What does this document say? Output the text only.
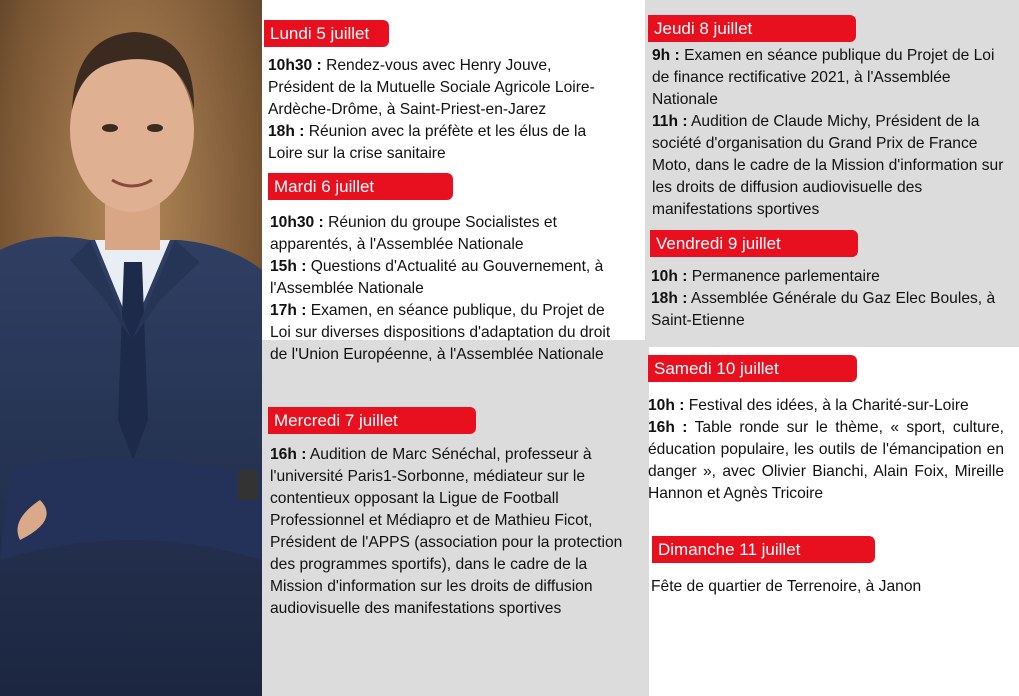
Lundi 5 juillet

10h30 : Rendez-vous avec Henry Jouve, Président de la Mutuelle Sociale Agricole Loire-Ardèche-Drôme, à Saint-Priest-en-Jarez

18h : Réunion avec la préfète et les élus de la Loire sur la crise sanitaire

Mardi 6 juillet

10h30 : Réunion du groupe Socialistes et apparentés, à l'Assemblée Nationale

15h : Questions d'Actualité au Gouvernement, à l'Assemblée Nationale

17h : Examen, en séance publique, du Projet de Loi sur diverses dispositions d'adaptation du droit de l'Union Européenne, à l'Assemblée Nationale

Mercredi 7 juillet

16h : Audition de Marc Sénéchal, professeur à l'université Paris1-Sorbonne, médiateur sur le contentieux opposant la Ligue de Football Professionnel et Médiapro et de Mathieu Ficot, Président de l'APPS (association pour la protection des programmes sportifs), dans le cadre de la Mission d'information sur les droits de diffusion audiovisuelle des manifestations sportives

Jeudi 8 juillet

9h : Examen en séance publique du Projet de Loi de finance rectificative 2021, à l'Assemblée Nationale

11h : Audition de Claude Michy, Président de la société d'organisation du Grand Prix de France Moto, dans le cadre de la Mission d'information sur les droits de diffusion audiovisuelle des manifestations sportives

Vendredi 9 juillet

10h : Permanence parlementaire

18h : Assemblée Générale du Gaz Elec Boules, à Saint-Etienne

Samedi 10 juillet

10h : Festival des idées, à la Charité-sur-Loire

16h : Table ronde sur le thème, « sport, culture, éducation populaire, les outils de l'émancipation en danger », avec Olivier Bianchi, Alain Foix, Mireille Hannon et Agnès Tricoire

Dimanche 11 juillet

Fête de quartier de Terrenoire, à Janon
